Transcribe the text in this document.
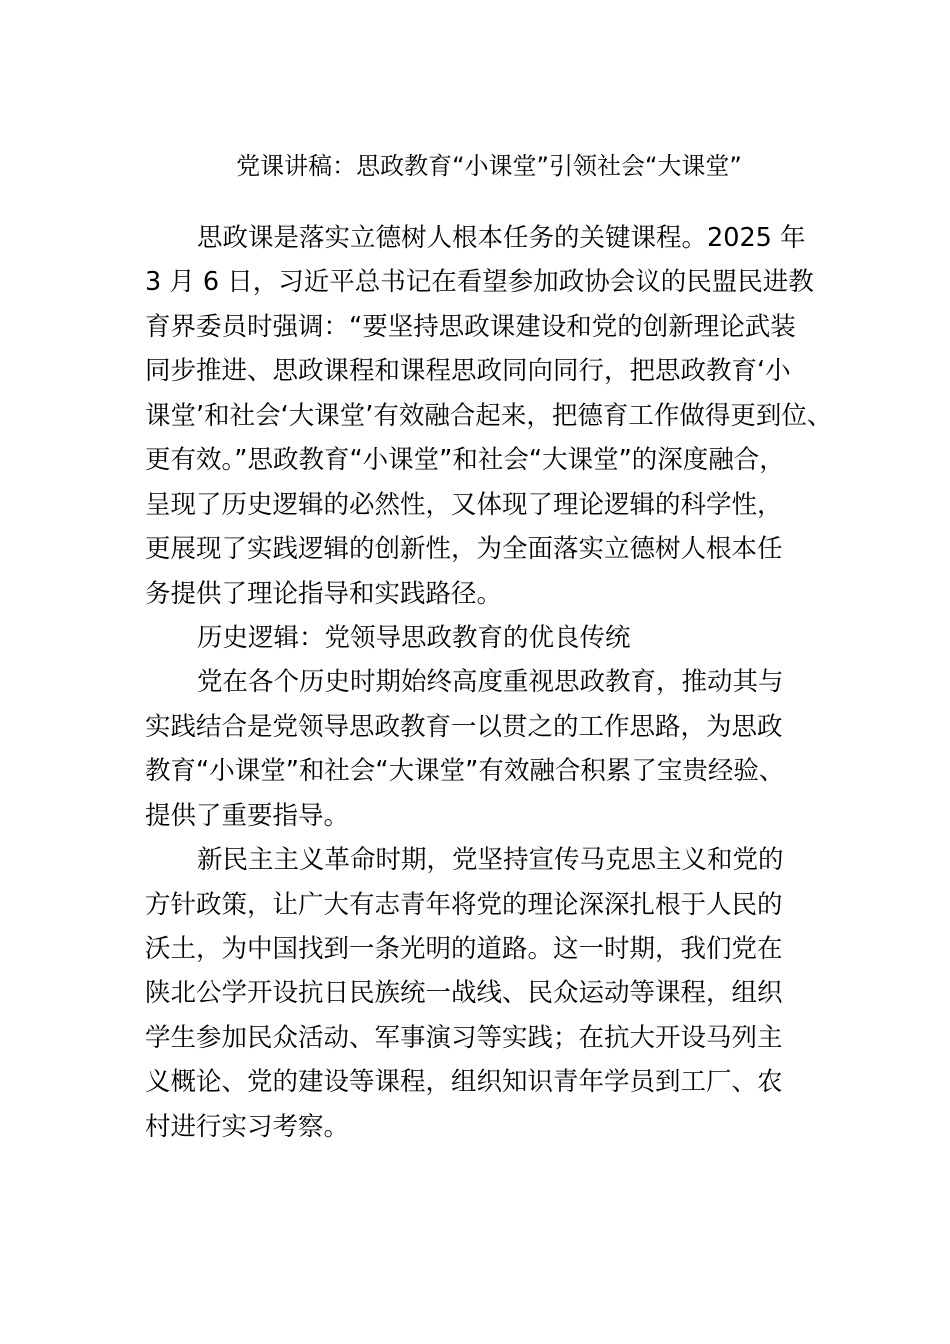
党课讲稿：思政教育“小课堂”引领社会“大课堂”
思政课是落实立德树人根本任务的关键课程。2025 年
3 月 6 日，习近平总书记在看望参加政协会议的民盟民进教
育界委员时强调：“要坚持思政课建设和党的创新理论武装
同步推进、思政课程和课程思政同向同行，把思政教育‘小
课堂’和社会‘大课堂’有效融合起来，把德育工作做得更到位、
更有效。”思政教育“小课堂”和社会“大课堂”的深度融合，
呈现了历史逻辑的必然性，又体现了理论逻辑的科学性，
更展现了实践逻辑的创新性，为全面落实立德树人根本任
务提供了理论指导和实践路径。
历史逻辑：党领导思政教育的优良传统
党在各个历史时期始终高度重视思政教育，推动其与
实践结合是党领导思政教育一以贯之的工作思路，为思政
教育“小课堂”和社会“大课堂”有效融合积累了宝贵经验、
提供了重要指导。
新民主主义革命时期，党坚持宣传马克思主义和党的
方针政策，让广大有志青年将党的理论深深扎根于人民的
沃土，为中国找到一条光明的道路。这一时期，我们党在
陕北公学开设抗日民族统一战线、民众运动等课程，组织
学生参加民众活动、军事演习等实践；在抗大开设马列主
义概论、党的建设等课程，组织知识青年学员到工厂、农
村进行实习考察。
